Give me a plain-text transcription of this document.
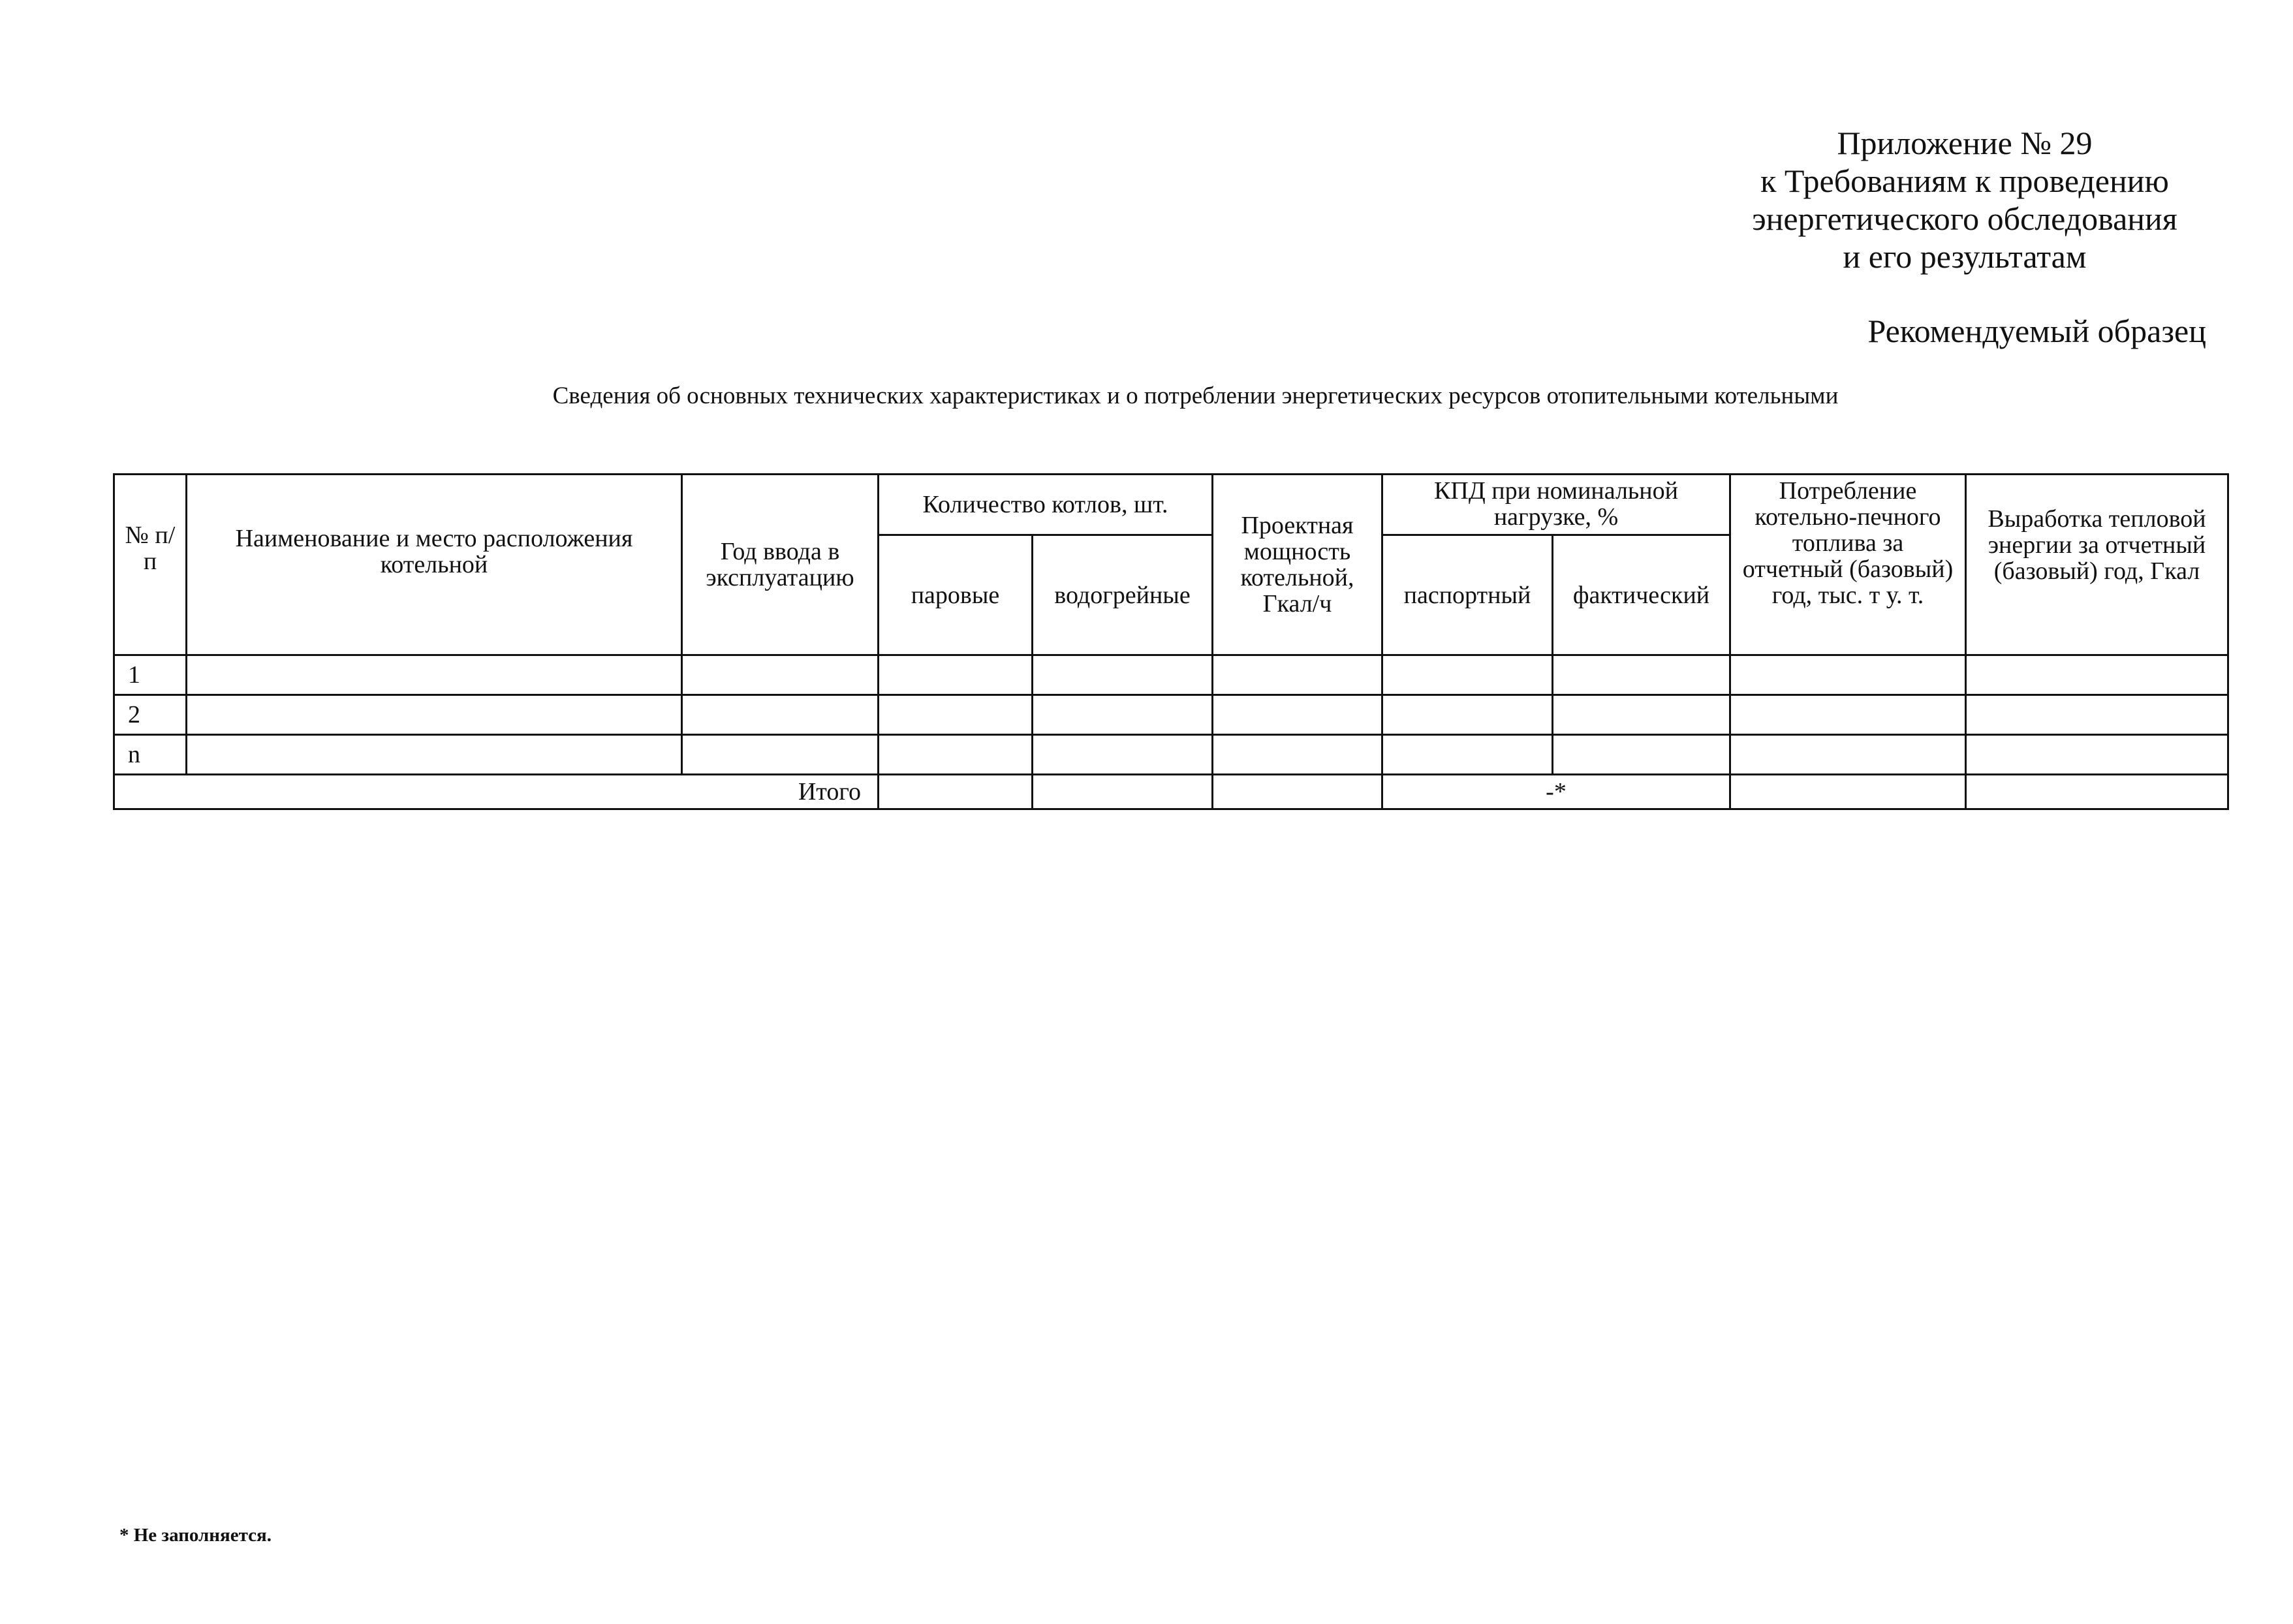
Приложение № 29
к Требованиям к проведению
энергетического обследования
и его результатам
Рекомендуемый образец
Сведения об основных технических характеристиках и о потреблении энергетических ресурсов отопительными котельными
№ п/п	Наименование и место расположения котельной	Год ввода в эксплуатацию	Количество котлов, шт.		Проектная мощность котельной, Гкал/ч	КПД при номинальной нагрузке, %		Потребление котельно-печного топлива за отчетный (базовый) год, тыс. т у. т.	Выработка тепловой энергии за отчетный (базовый) год, Гкал
			паровые	водогрейные		паспортный	фактический		
1									
2									
n									
Итого						-*			
* Не заполняется.
